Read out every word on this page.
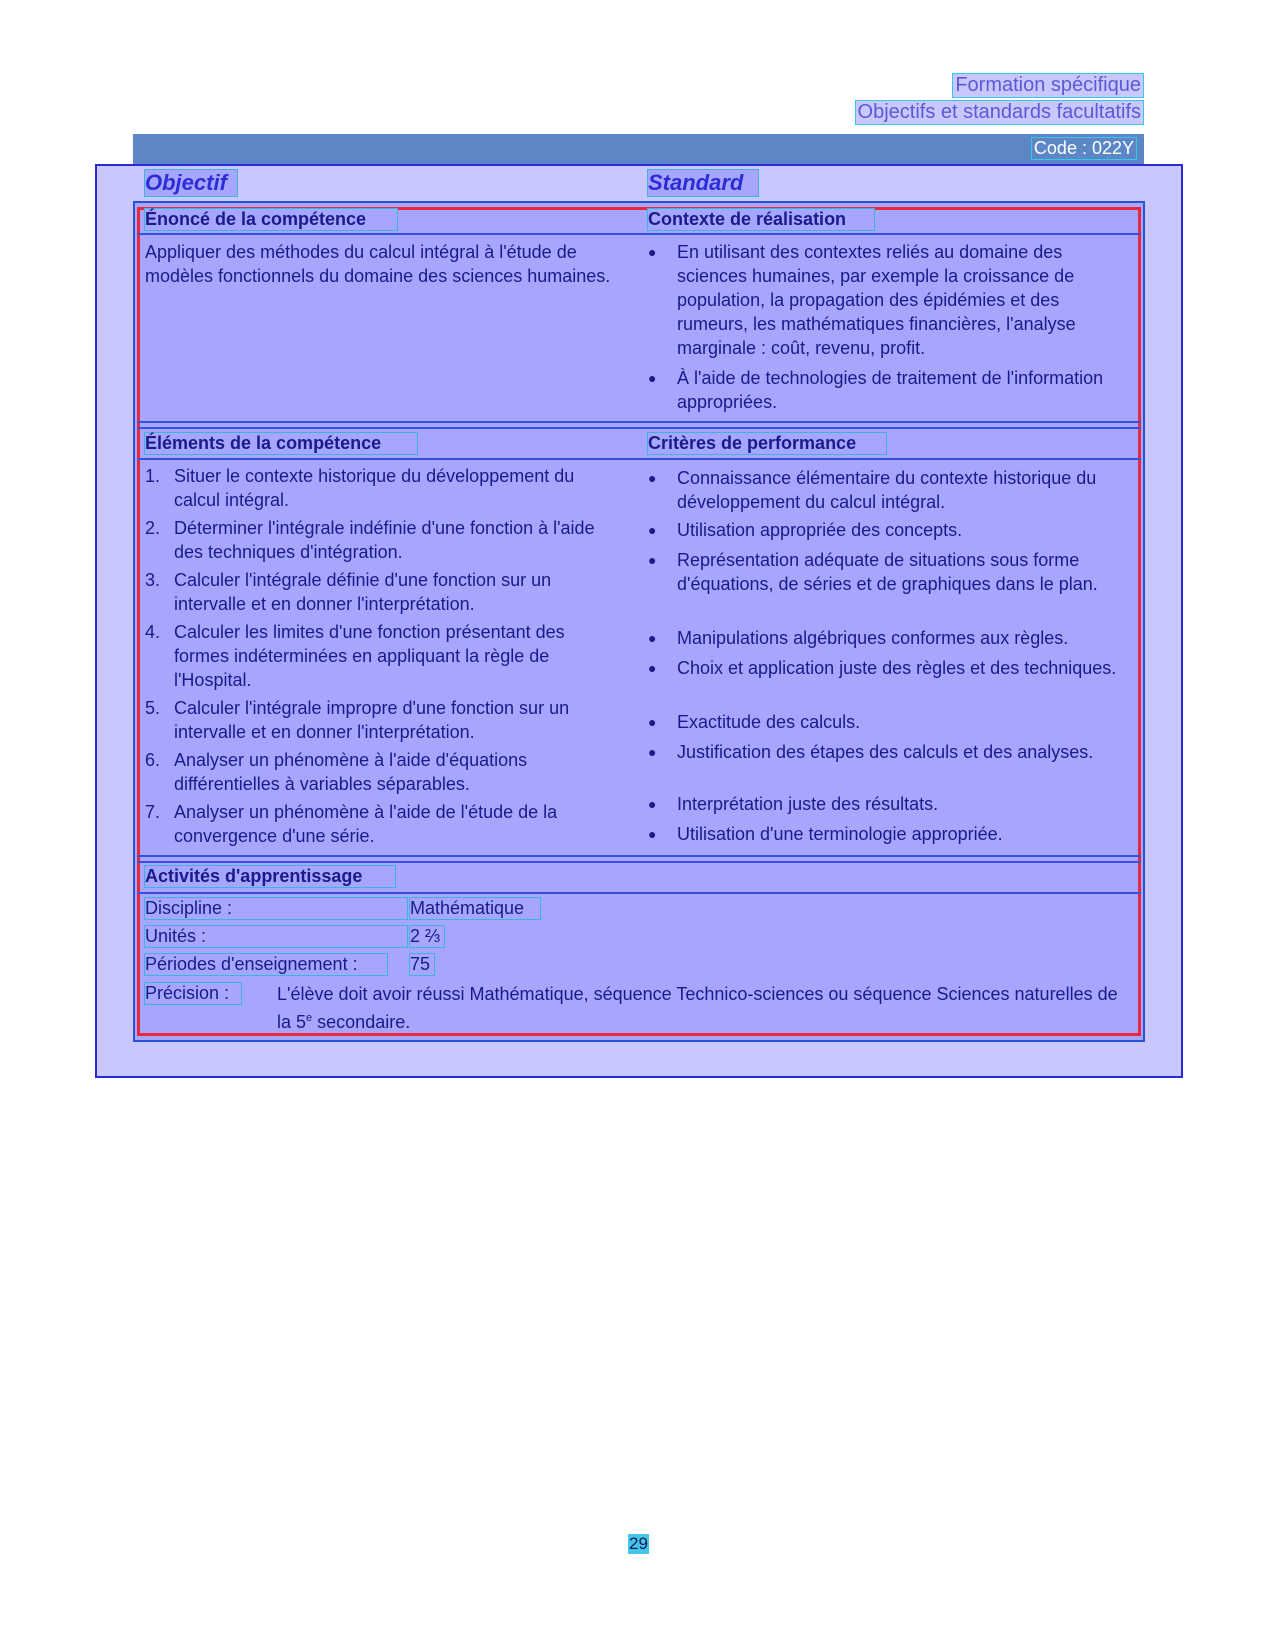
Formation spécifique
Objectifs et standards facultatifs
Code : 022Y
Objectif	Standard
Énoncé de la compétence	Contexte de réalisation
Appliquer des méthodes du calcul intégral à l'étude de modèles fonctionnels du domaine des sciences humaines.
●	En utilisant des contextes reliés au domaine des sciences humaines, par exemple la croissance de population, la propagation des épidémies et des rumeurs, les mathématiques financières, l'analyse marginale : coût, revenu, profit.
●	À l'aide de technologies de traitement de l'information appropriées.
Éléments de la compétence	Critères de performance
1. Situer le contexte historique du développement du calcul intégral.
2. Déterminer l'intégrale indéfinie d'une fonction à l'aide des techniques d'intégration.
3. Calculer l'intégrale définie d'une fonction sur un intervalle et en donner l'interprétation.
4. Calculer les limites d'une fonction présentant des formes indéterminées en appliquant la règle de l'Hospital.
5. Calculer l'intégrale impropre d'une fonction sur un intervalle et en donner l'interprétation.
6. Analyser un phénomène à l'aide d'équations différentielles à variables séparables.
7. Analyser un phénomène à l'aide de l'étude de la convergence d'une série.
●	Connaissance élémentaire du contexte historique du développement du calcul intégral.
●	Utilisation appropriée des concepts.
●	Représentation adéquate de situations sous forme d'équations, de séries et de graphiques dans le plan.
●	Manipulations algébriques conformes aux règles.
●	Choix et application juste des règles et des techniques.
●	Exactitude des calculs.
●	Justification des étapes des calculs et des analyses.
●	Interprétation juste des résultats.
●	Utilisation d'une terminologie appropriée.
Activités d'apprentissage
Discipline :	Mathématique
Unités :	2 ⅔
Périodes d'enseignement :	75
Précision :	L'élève doit avoir réussi Mathématique, séquence Technico-sciences ou séquence Sciences naturelles de la 5e secondaire.
29
